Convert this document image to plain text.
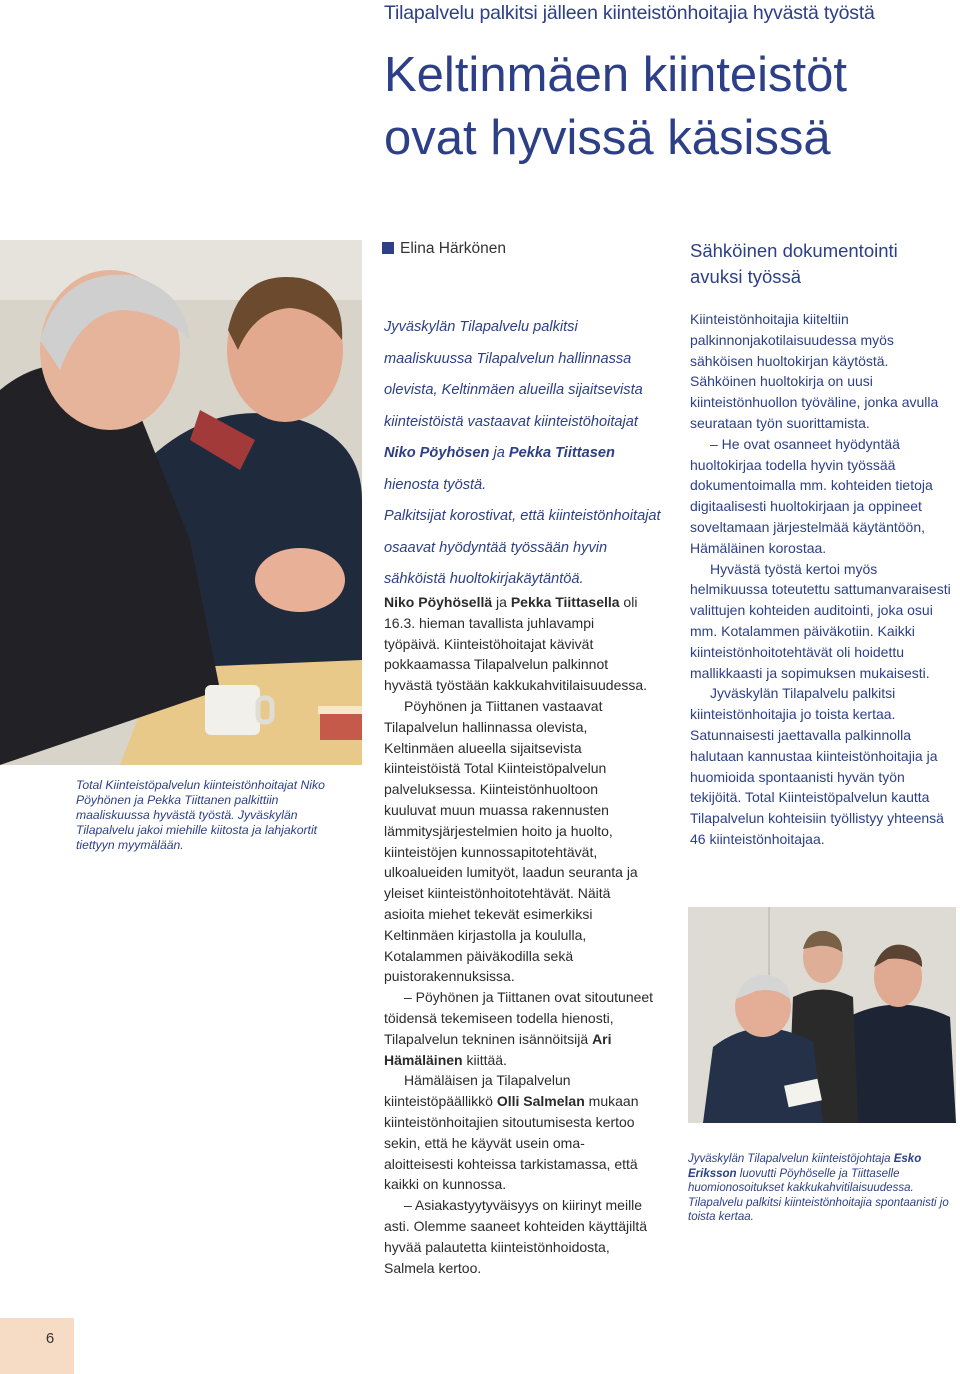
Tilapalvelu palkitsi jälleen kiinteistönhoitajia hyvästä työstä
Keltinmäen kiinteistöt
ovat hyvissä käsissä
Total Kiinteistöpalvelun kiinteistönhoitajat Niko Pöyhönen ja Pekka Tiittanen palkittiin maaliskuussa hyvästä työstä. Jyväskylän Tilapalvelu jakoi miehille kiitosta ja lahjakortit tiettyyn myymälään.
Elina Härkönen

Jyväskylän Tilapalvelu palkitsi maaliskuussa Tilapalvelun hallinnassa olevista, Keltinmäen alueilla sijaitsevista kiinteistöistä vastaavat kiinteistöhoitajat Niko Pöyhösen ja Pekka Tiittasen hienosta työstä.

Palkitsijat korostivat, että kiinteistönhoitajat osaavat hyödyntää työssään hyvin sähköistä huoltokirjakäytäntöä.

Niko Pöyhösellä ja Pekka Tiittasella oli 16.3. hieman tavallista juhlavampi työpäivä. Kiinteistöhoitajat kävivät pokkaamassa Tilapalvelun palkinnot hyvästä työstään kakkukahvitilaisuudessa.

Pöyhönen ja Tiittanen vastaavat Tilapalvelun hallinnassa olevista, Keltinmäen alueella sijaitsevista kiinteistöistä Total Kiinteistöpalvelun palveluksessa. Kiinteistönhuoltoon kuuluvat muun muassa rakennusten lämmitysjärjestelmien hoito ja huolto, kiinteistöjen kunnossapitotehtävät, ulkoalueiden lumityöt, laadun seuranta ja yleiset kiinteistönhoitotehtävät. Näitä asioita miehet tekevät esimerkiksi Keltinmäen kirjastolla ja koululla, Kotalammen päiväkodilla sekä puistorakennuksissa.

– Pöyhönen ja Tiittanen ovat sitoutuneet töidensä tekemiseen todella hienosti, Tilapalvelun tekninen isännöitsijä Ari Hämäläinen kiittää.

Hämäläisen ja Tilapalvelun kiinteistöpäällikkö Olli Salmelan mukaan kiinteistönhoitajien sitoutumisesta kertoo sekin, että he käyvät usein oma-aloitteisesti kohteissa tarkistamassa, että kaikki on kunnossa.

– Asiakastyytyväisyys on kiirinyt meille asti. Olemme saaneet kohteiden käyttäjiltä hyvää palautetta kiinteistönhoidosta, Salmela kertoo.

Sähköinen dokumentointi avuksi työssä

Kiinteistönhoitajia kiiteltiin palkinnonjakotilaisuudessa myös sähköisen huoltokirjan käytöstä. Sähköinen huoltokirja on uusi kiinteistönhuollon työväline, jonka avulla seurataan työn suorittamista.

– He ovat osanneet hyödyntää huoltokirjaa todella hyvin työssää dokumentoimalla mm. kohteiden tietoja digitaalisesti huoltokirjaan ja oppineet soveltamaan järjestelmää käytäntöön, Hämäläinen korostaa.

Hyvästä työstä kertoi myös helmikuussa toteutettu sattumanvaraisesti valittujen kohteiden auditointi, joka osui mm. Kotalammen päiväkotiin. Kaikki kiinteistönhoitotehtävät oli hoidettu mallikkaasti ja sopimuksen mukaisesti.

Jyväskylän Tilapalvelu palkitsi kiinteistönhoitajia jo toista kertaa. Satunnaisesti jaettavalla palkinnolla halutaan kannustaa kiinteistönhoitajia ja huomioida spontaanisti hyvän työn tekijöitä. Total Kiinteistöpalvelun kautta Tilapalvelun kohteisiin työllistyy yhteensä 46 kiinteistönhoitajaa.

Jyväskylän Tilapalvelun kiinteistöjohtaja Esko Eriksson luovutti Pöyhöselle ja Tiittaselle huomionosoitukset kakkukahvitilaisuudessa. Tilapalvelu palkitsi kiinteistönhoitajia spontaanisti jo toista kertaa.
6
